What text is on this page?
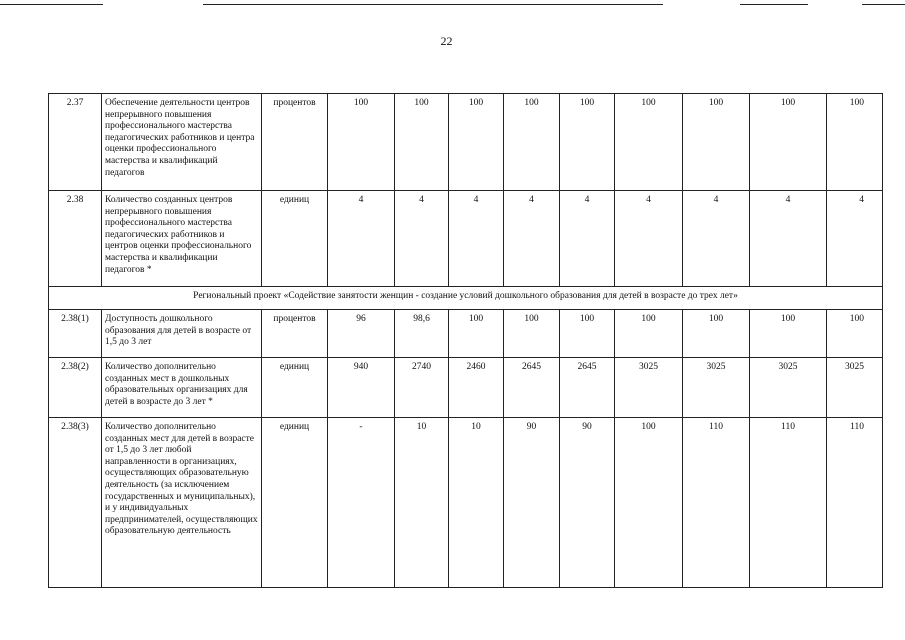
22
2.37	Обеспечение деятельности центров непрерывного повышения профессионального мастерства педагогических работников и центра оценки профессионального мастерства и квалификаций педагогов	процентов	100	100	100	100	100	100	100	100	100
2.38	Количество созданных центров непрерывного повышения профессионального мастерства педагогических работников и центров оценки профессионального мастерства и квалификации педагогов *	единиц	4	4	4	4	4	4	4	4	4
Региональный проект «Содействие занятости женщин - создание условий дошкольного образования для детей в возрасте до трех лет»											
2.38(1)	Доступность дошкольного образования для детей в возрасте от 1,5 до 3 лет	процентов	96	98,6	100	100	100	100	100	100	100
2.38(2)	Количество дополнительно созданных мест в дошкольных образовательных организациях для детей в возрасте до 3 лет *	единиц	940	2740	2460	2645	2645	3025	3025	3025	3025
2.38(3)	Количество дополнительно созданных мест для детей в возрасте от 1,5 до 3 лет любой направленности в организациях, осуществляющих образовательную деятельность (за исключением государственных и муниципальных), и у индивидуальных предпринимателей, осуществляющих образовательную деятельность	единиц	-	10	10	90	90	100	110	110	110
